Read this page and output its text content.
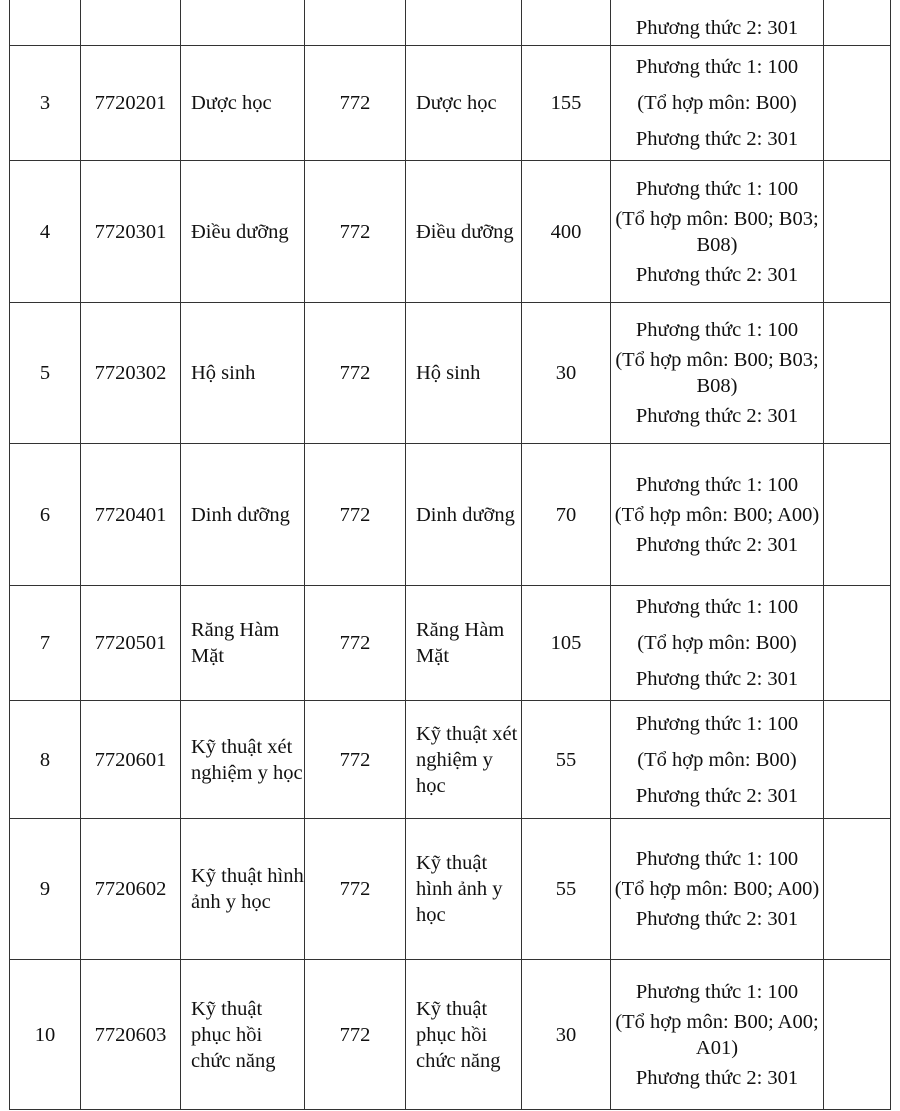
						Phương thức 2: 301	

3	7720201	Dược học	772	Dược học	155	Phương thức 1: 100

(Tổ hợp môn: B00)

Phương thức 2: 301	

4	7720301	Điều dưỡng	772	Điều dưỡng	400	Phương thức 1: 100

(Tổ hợp môn: B00; B03; B08)

Phương thức 2: 301	

5	7720302	Hộ sinh	772	Hộ sinh	30	Phương thức 1: 100

(Tổ hợp môn: B00; B03; B08)

Phương thức 2: 301	

6	7720401	Dinh dưỡng	772	Dinh dưỡng	70	Phương thức 1: 100

(Tổ hợp môn: B00; A00)

Phương thức 2: 301	

7	7720501	Răng Hàm Mặt	772	Răng Hàm Mặt	105	Phương thức 1: 100

(Tổ hợp môn: B00)

Phương thức 2: 301	

8	7720601	Kỹ thuật xét nghiệm y học	772	Kỹ thuật xét nghiệm y học	55	Phương thức 1: 100

(Tổ hợp môn: B00)

Phương thức 2: 301	

9	7720602	Kỹ thuật hình ảnh y học	772	Kỹ thuật hình ảnh y học	55	Phương thức 1: 100

(Tổ hợp môn: B00; A00)

Phương thức 2: 301	

10	7720603	Kỹ thuật phục hồi chức năng	772	Kỹ thuật phục hồi chức năng	30	Phương thức 1: 100

(Tổ hợp môn: B00; A00; A01)

Phương thức 2: 301	
